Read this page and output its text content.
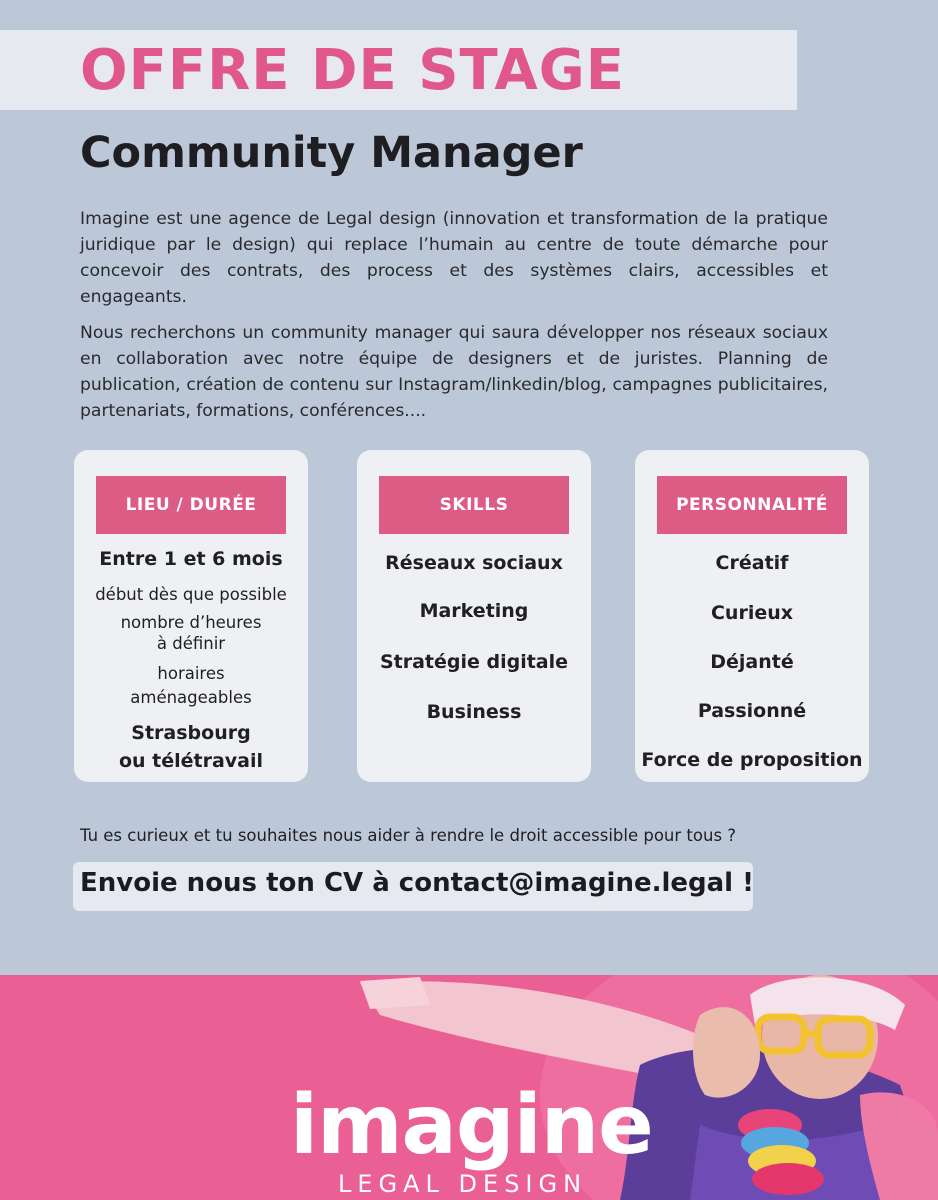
OFFRE DE STAGE
Community Manager

Imagine est une agence de Legal design (innovation et transformation de la pratique juridique par le design) qui replace l’humain au centre de toute démarche pour concevoir des contrats, des process et des systèmes clairs, accessibles et engageants.

Nous recherchons un community manager qui saura développer nos réseaux sociaux en collaboration avec notre équipe de designers et de juristes. Planning de publication, création de contenu sur Instagram/linkedin/blog, campagnes publicitaires, partenariats, formations, conférences....

LIEU / DURÉE
Entre 1 et 6 mois
début dès que possible
nombre d’heures
à définir
horaires
aménageables
Strasbourg
ou télétravail
SKILLS
Réseaux sociaux
Marketing
Stratégie digitale
Business
PERSONNALITÉ
Créatif
Curieux
Déjanté
Passionné
Force de proposition

Tu es curieux et tu souhaites nous aider à rendre le droit accessible pour tous ?

Envoie nous ton CV à contact@imagine.legal !

imagine
LEGAL DESIGN
